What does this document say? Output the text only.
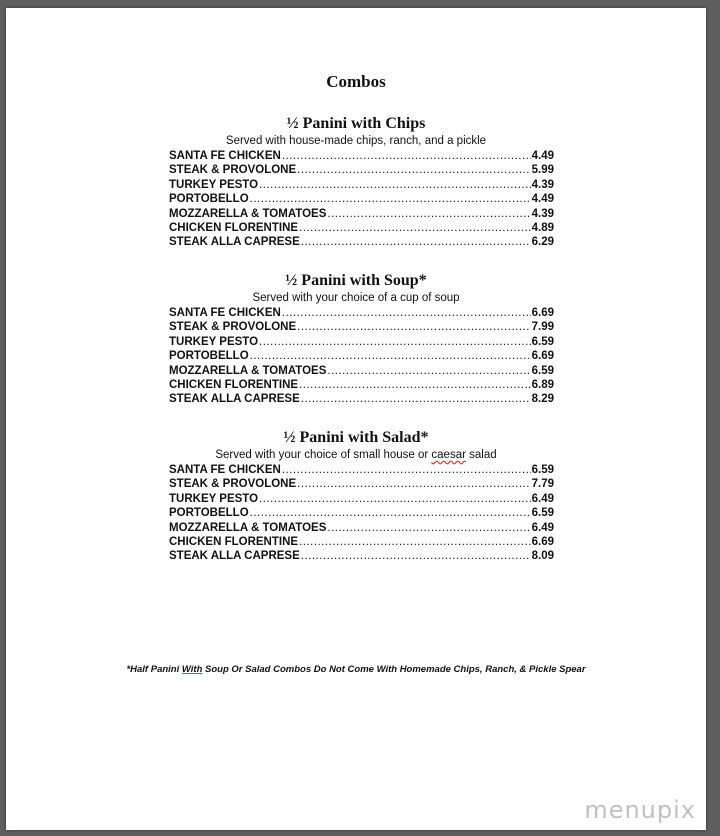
Combos
½ Panini with Chips
Served with house-made chips, ranch, and a pickle
SANTA FE CHICKEN .....	4.49
STEAK & PROVOLONE .....	5.99
TURKEY PESTO .....	4.39
PORTOBELLO .....	4.49
MOZZARELLA & TOMATOES .....	4.39
CHICKEN FLORENTINE .....	4.89
STEAK ALLA CAPRESE .....	6.29
½ Panini with Soup*
Served with your choice of a cup of soup
SANTA FE CHICKEN .....	6.69
STEAK & PROVOLONE .....	7.99
TURKEY PESTO .....	6.59
PORTOBELLO .....	6.69
MOZZARELLA & TOMATOES .....	6.59
CHICKEN FLORENTINE .....	6.89
STEAK ALLA CAPRESE .....	8.29
½ Panini with Salad*
Served with your choice of small house or caesar salad
SANTA FE CHICKEN .....	6.59
STEAK & PROVOLONE .....	7.79
TURKEY PESTO .....	6.49
PORTOBELLO .....	6.59
MOZZARELLA & TOMATOES .....	6.49
CHICKEN FLORENTINE .....	6.69
STEAK ALLA CAPRESE .....	8.09
*Half Panini With Soup Or Salad Combos Do Not Come With Homemade Chips, Ranch, & Pickle Spear
menupix
